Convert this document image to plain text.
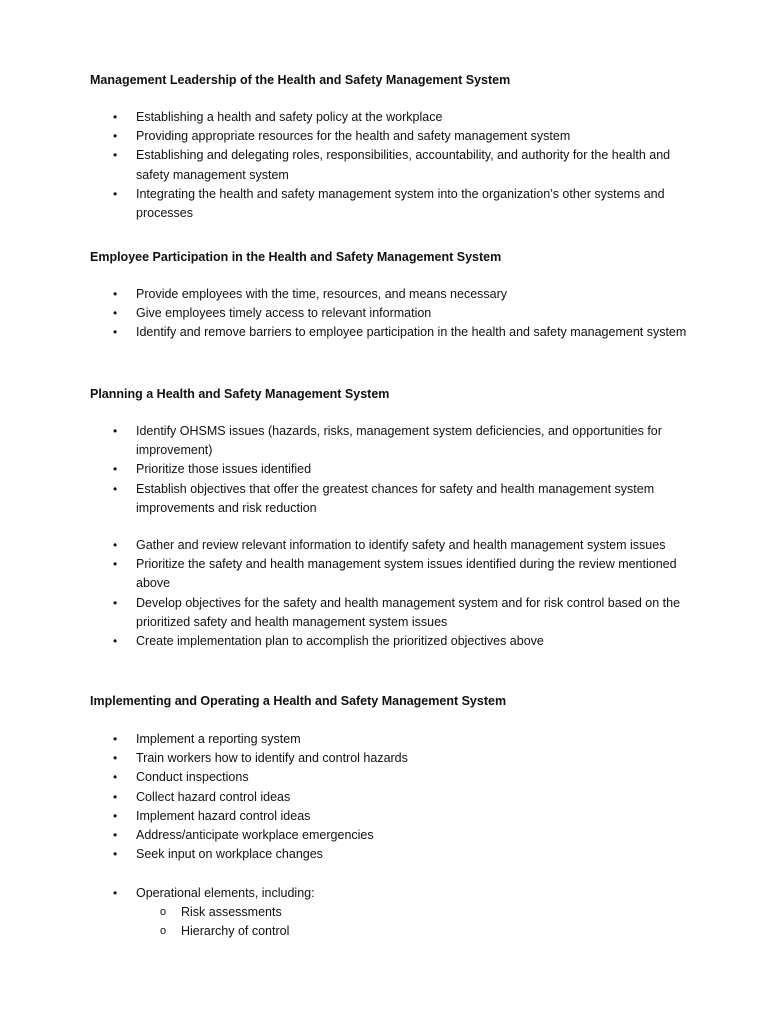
Management Leadership of the Health and Safety Management System
• Establishing a health and safety policy at the workplace
• Providing appropriate resources for the health and safety management system
• Establishing and delegating roles, responsibilities, accountability, and authority for the health and safety management system
• Integrating the health and safety management system into the organization’s other systems and processes
Employee Participation in the Health and Safety Management System
• Provide employees with the time, resources, and means necessary
• Give employees timely access to relevant information
• Identify and remove barriers to employee participation in the health and safety management system
Planning a Health and Safety Management System
• Identify OHSMS issues (hazards, risks, management system deficiencies, and opportunities for improvement)
• Prioritize those issues identified
• Establish objectives that offer the greatest chances for safety and health management system improvements and risk reduction
• Gather and review relevant information to identify safety and health management system issues
• Prioritize the safety and health management system issues identified during the review mentioned above
• Develop objectives for the safety and health management system and for risk control based on the prioritized safety and health management system issues
• Create implementation plan to accomplish the prioritized objectives above
Implementing and Operating a Health and Safety Management System
• Implement a reporting system
• Train workers how to identify and control hazards
• Conduct inspections
• Collect hazard control ideas
• Implement hazard control ideas
• Address/anticipate workplace emergencies
• Seek input on workplace changes
• Operational elements, including:
o Risk assessments
o Hierarchy of control
